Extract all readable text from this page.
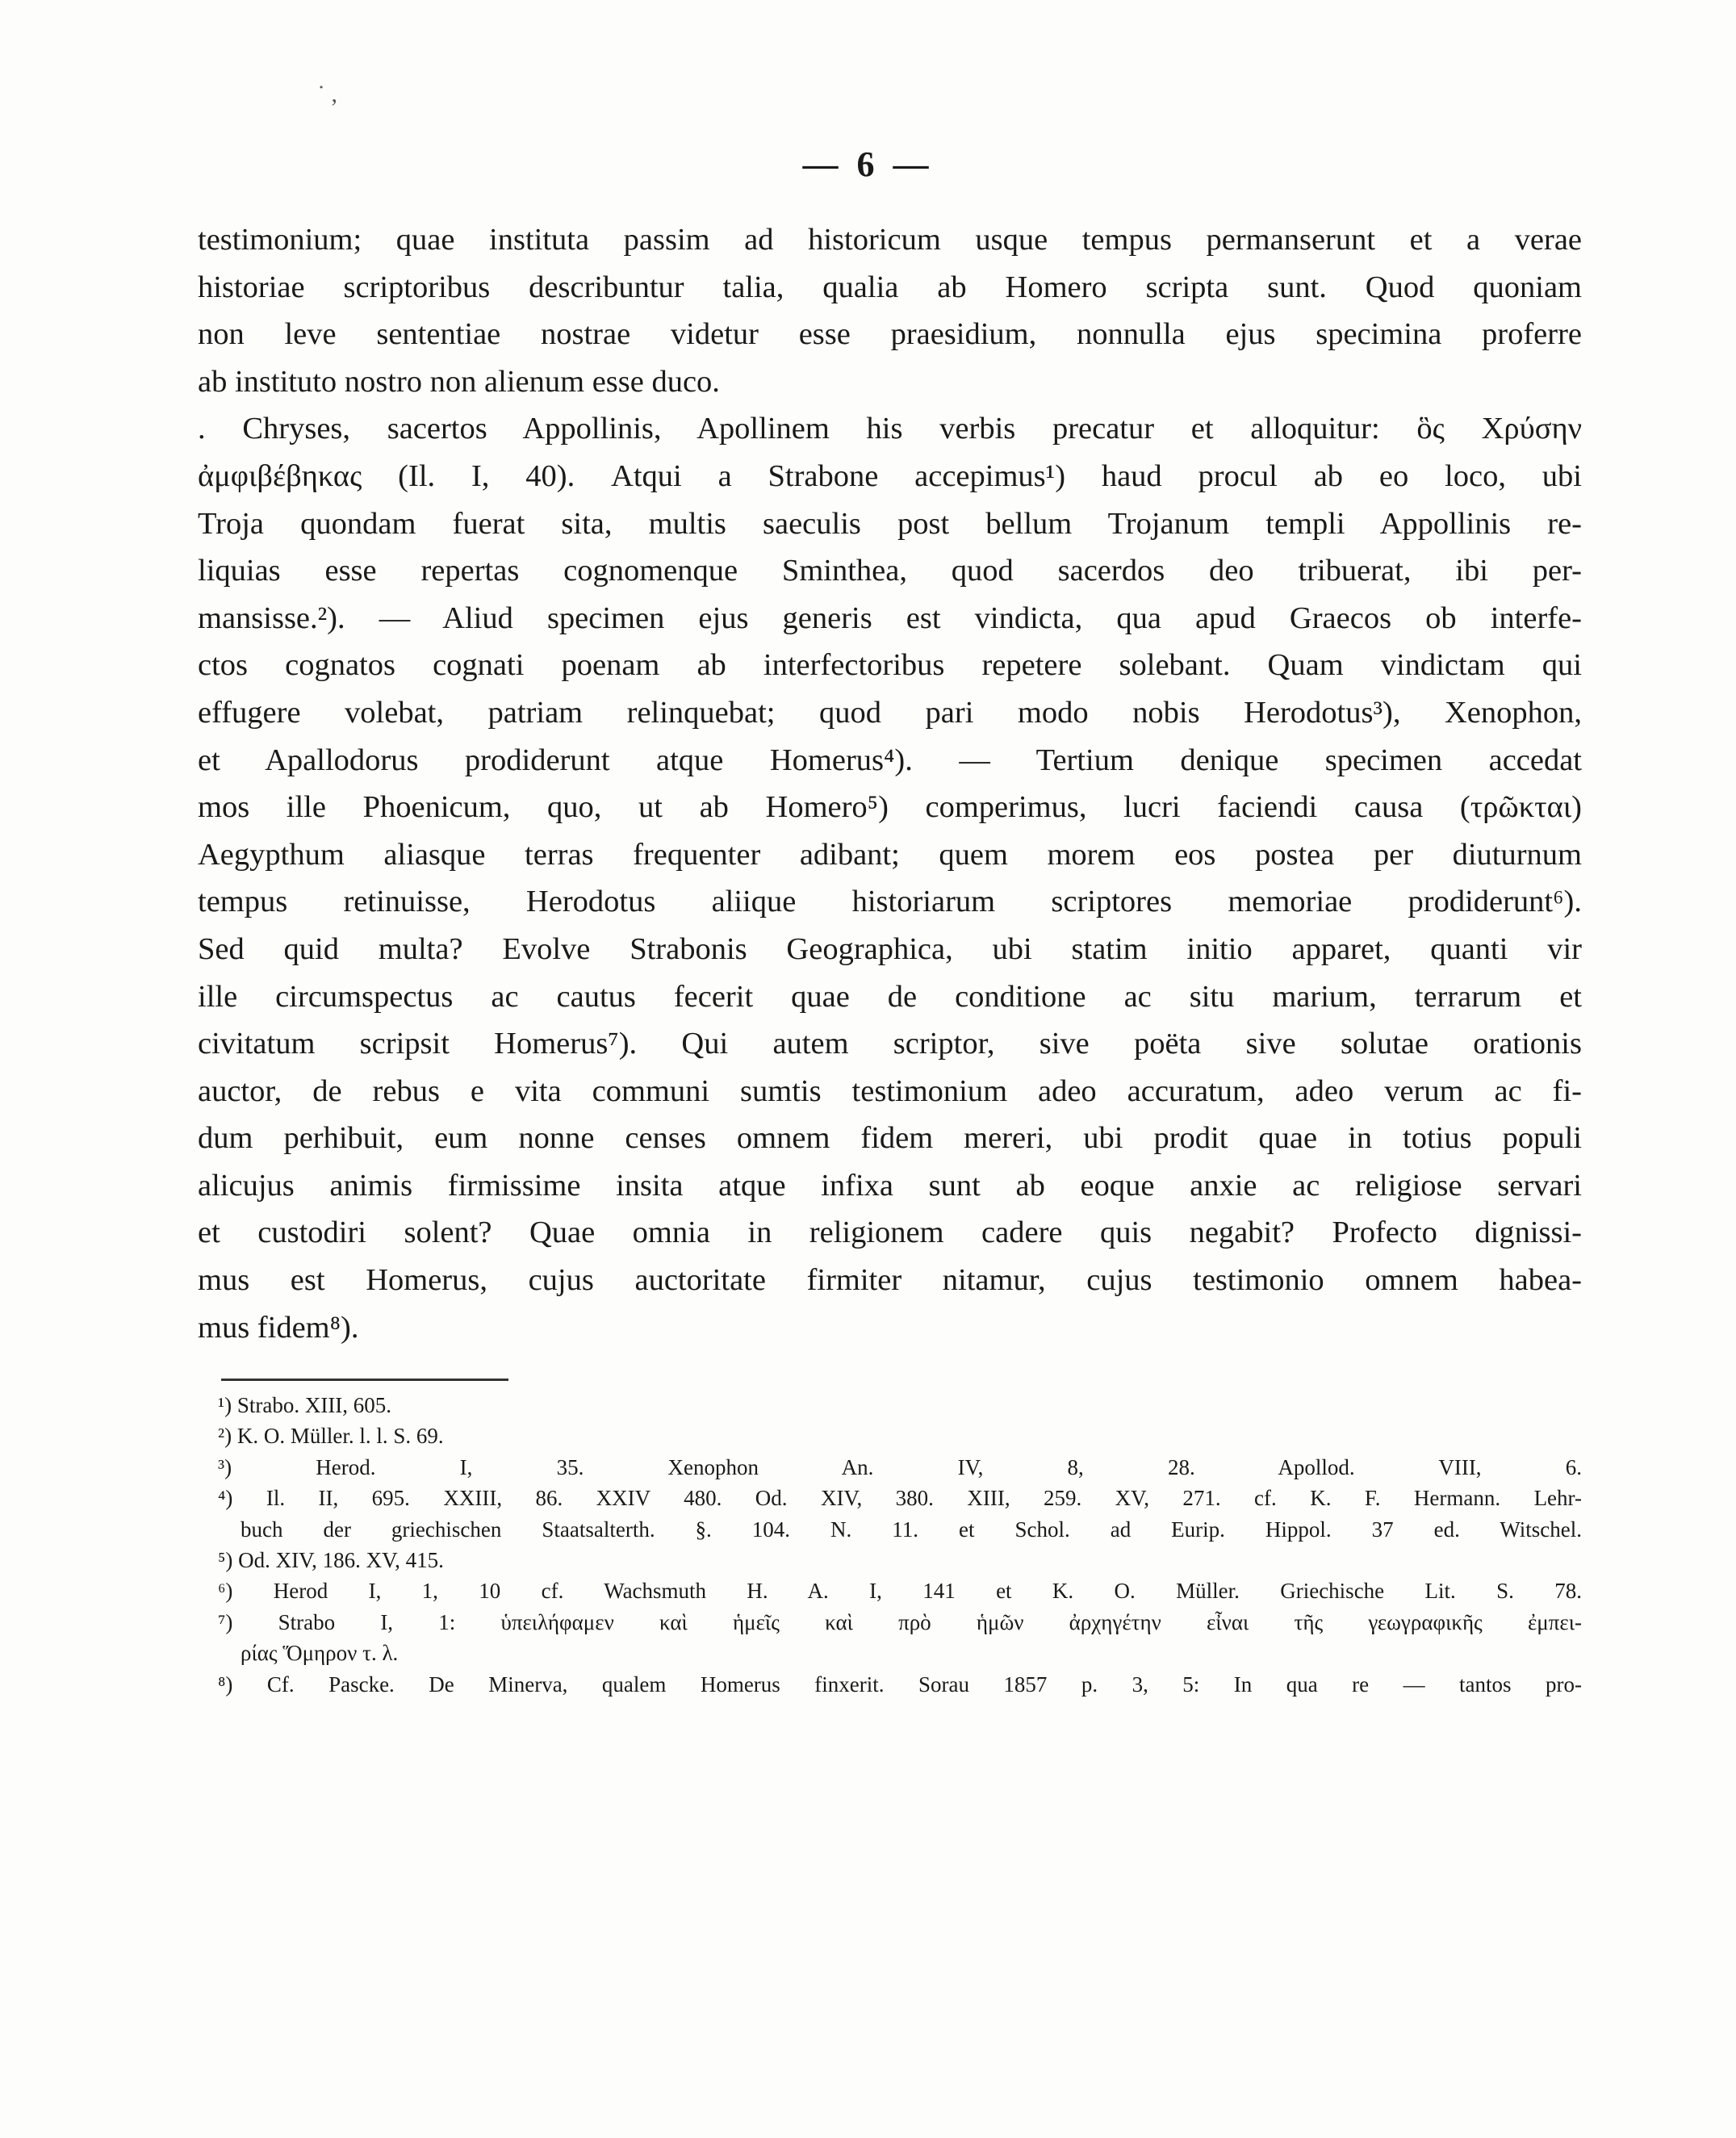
˙ ,
— 6 —
testimonium; quae instituta passim ad historicum usque tempus permanserunt et a verae
historiae scriptoribus describuntur talia, qualia ab Homero scripta sunt. Quod quoniam
non leve sententiae nostrae videtur esse praesidium, nonnulla ejus specimina proferre
ab instituto nostro non alienum esse duco.
. Chryses, sacertos Appollinis, Apollinem his verbis precatur et alloquitur: ὃς Χρύσην
ἀμφιβέβηκας (Il. I, 40). Atqui a Strabone accepimus¹) haud procul ab eo loco, ubi
Troja quondam fuerat sita, multis saeculis post bellum Trojanum templi Appollinis re-
liquias esse repertas cognomenque Sminthea, quod sacerdos deo tribuerat, ibi per-
mansisse.²). — Aliud specimen ejus generis est vindicta, qua apud Graecos ob interfe-
ctos cognatos cognati poenam ab interfectoribus repetere solebant. Quam vindictam qui
effugere volebat, patriam relinquebat; quod pari modo nobis Herodotus³), Xenophon,
et Apallodorus prodiderunt atque Homerus⁴). — Tertium denique specimen accedat
mos ille Phoenicum, quo, ut ab Homero⁵) comperimus, lucri faciendi causa (τρῶκται)
Aegypthum aliasque terras frequenter adibant; quem morem eos postea per diuturnum
tempus retinuisse, Herodotus aliique historiarum scriptores memoriae prodiderunt⁶).
Sed quid multa? Evolve Strabonis Geographica, ubi statim initio apparet, quanti vir
ille circumspectus ac cautus fecerit quae de conditione ac situ marium, terrarum et
civitatum scripsit Homerus⁷). Qui autem scriptor, sive poëta sive solutae orationis
auctor, de rebus e vita communi sumtis testimonium adeo accuratum, adeo verum ac fi-
dum perhibuit, eum nonne censes omnem fidem mereri, ubi prodit quae in totius populi
alicujus animis firmissime insita atque infixa sunt ab eoque anxie ac religiose servari
et custodiri solent? Quae omnia in religionem cadere quis negabit? Profecto dignissi-
mus est Homerus, cujus auctoritate firmiter nitamur, cujus testimonio omnem habea-
mus fidem⁸).
¹) Strabo. XIII, 605.
²) K. O. Müller. l. l. S. 69.
³) Herod. I, 35. Xenophon An. IV, 8, 28. Apollod. VIII, 6.
⁴) Il. II, 695. XXIII, 86. XXIV 480. Od. XIV, 380. XIII, 259. XV, 271. cf. K. F. Hermann. Lehr-
buch der griechischen Staatsalterth. §. 104. N. 11. et Schol. ad Eurip. Hippol. 37 ed. Witschel.
⁵) Od. XIV, 186. XV, 415.
⁶) Herod I, 1, 10 cf. Wachsmuth H. A. I, 141 et K. O. Müller. Griechische Lit. S. 78.
⁷) Strabo I, 1: ὑπειλήφαμεν καὶ ἡμεῖς καὶ πρὸ ἡμῶν ἀρχηγέτην εἶναι τῆς γεωγραφικῆς ἐμπει-
ρίας Ὅμηρον τ. λ.
⁸) Cf. Pascke. De Minerva, qualem Homerus finxerit. Sorau 1857 p. 3, 5: In qua re — tantos pro-
